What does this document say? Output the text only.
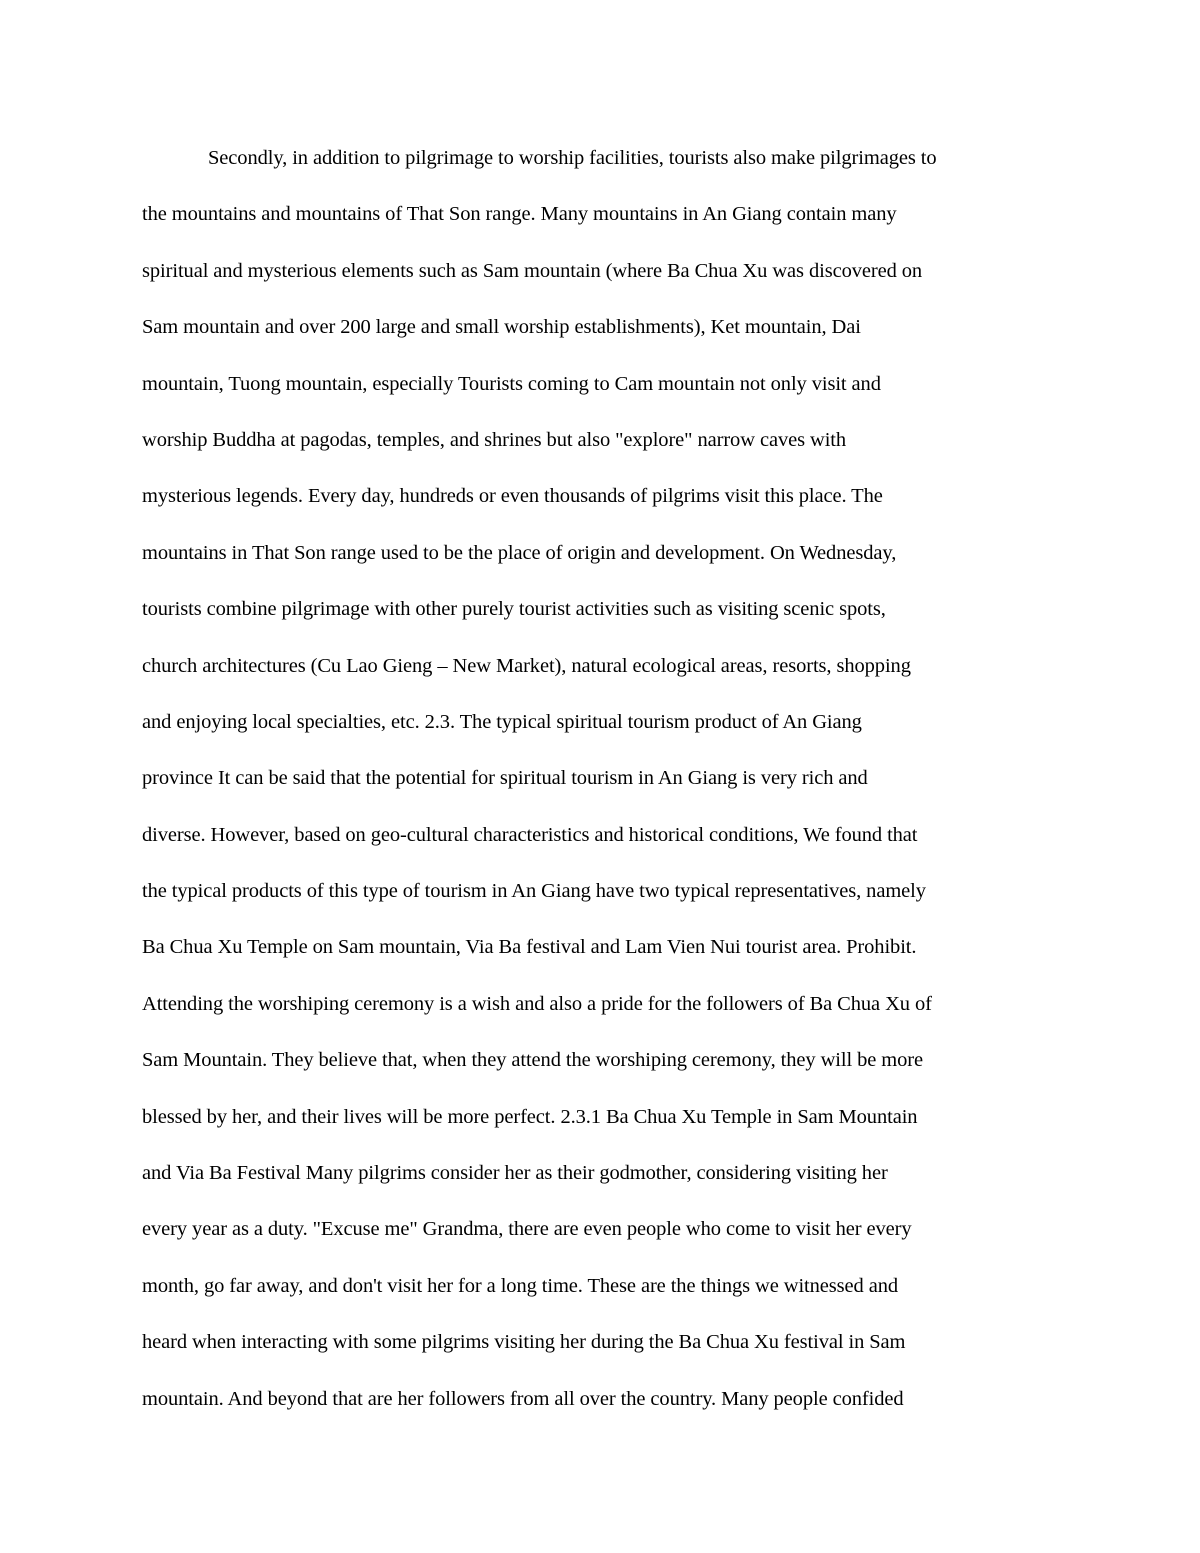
Secondly, in addition to pilgrimage to worship facilities, tourists also make pilgrimages to
the mountains and mountains of That Son range. Many mountains in An Giang contain many
spiritual and mysterious elements such as Sam mountain (where Ba Chua Xu was discovered on
Sam mountain and over 200 large and small worship establishments), Ket mountain, Dai
mountain, Tuong mountain, especially Tourists coming to Cam mountain not only visit and
worship Buddha at pagodas, temples, and shrines but also "explore" narrow caves with
mysterious legends. Every day, hundreds or even thousands of pilgrims visit this place. The
mountains in That Son range used to be the place of origin and development. On Wednesday,
tourists combine pilgrimage with other purely tourist activities such as visiting scenic spots,
church architectures (Cu Lao Gieng – New Market), natural ecological areas, resorts, shopping
and enjoying local specialties, etc. 2.3. The typical spiritual tourism product of An Giang
province It can be said that the potential for spiritual tourism in An Giang is very rich and
diverse. However, based on geo-cultural characteristics and historical conditions, We found that
the typical products of this type of tourism in An Giang have two typical representatives, namely
Ba Chua Xu Temple on Sam mountain, Via Ba festival and Lam Vien Nui tourist area. Prohibit.
Attending the worshiping ceremony is a wish and also a pride for the followers of Ba Chua Xu of
Sam Mountain. They believe that, when they attend the worshiping ceremony, they will be more
blessed by her, and their lives will be more perfect. 2.3.1 Ba Chua Xu Temple in Sam Mountain
and Via Ba Festival Many pilgrims consider her as their godmother, considering visiting her
every year as a duty. "Excuse me" Grandma, there are even people who come to visit her every
month, go far away, and don't visit her for a long time. These are the things we witnessed and
heard when interacting with some pilgrims visiting her during the Ba Chua Xu festival in Sam
mountain. And beyond that are her followers from all over the country. Many people confided
